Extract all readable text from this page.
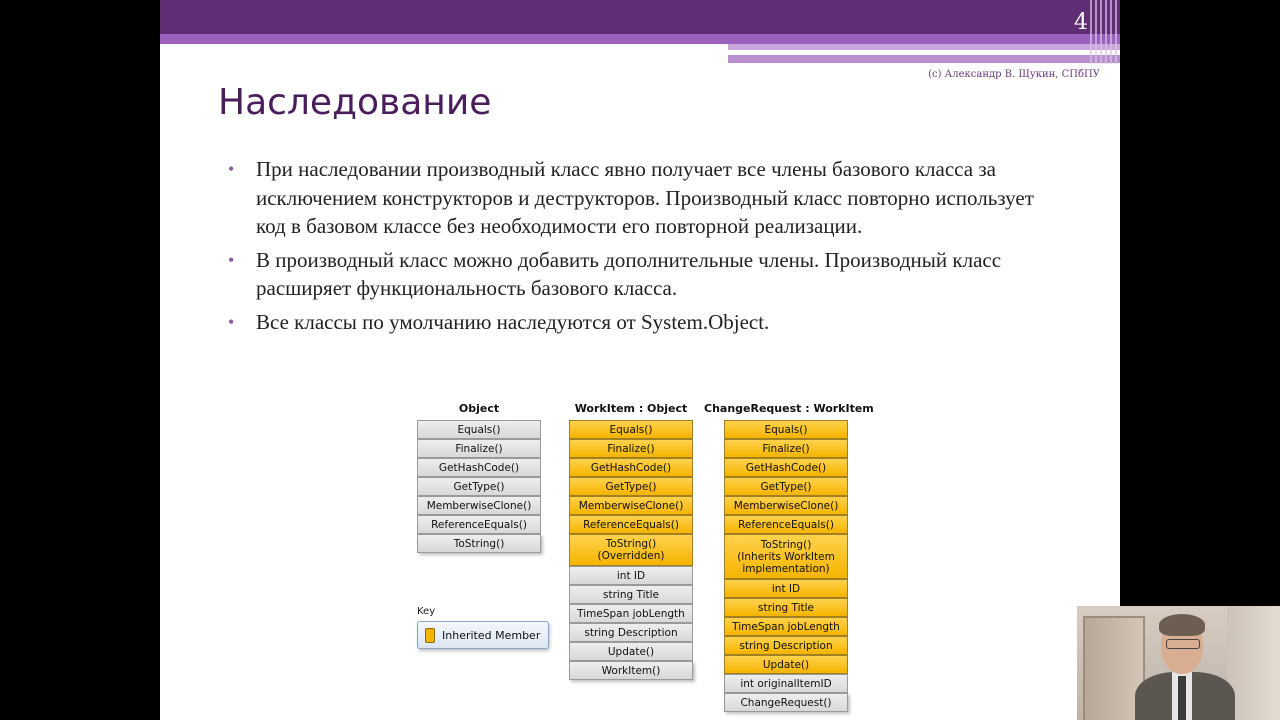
4
(c) Александр В. Щукин, СПбПУ
Наследование
• При наследовании производный класс явно получает все члены базового класса за исключением конструкторов и деструкторов. Производный класс повторно использует код в базовом классе без необходимости его повторной реализации.
• В производный класс можно добавить дополнительные члены. Производный класс расширяет функциональность базового класса.
• Все классы по умолчанию наследуются от System.Object.
Object
Equals()
Finalize()
GetHashCode()
GetType()
MemberwiseClone()
ReferenceEquals()
ToString()
WorkItem : Object
Equals()
Finalize()
GetHashCode()
GetType()
MemberwiseClone()
ReferenceEquals()
ToString()
(Overridden)
int ID
string Title
TimeSpan jobLength
string Description
Update()
WorkItem()
ChangeRequest : WorkItem
Equals()
Finalize()
GetHashCode()
GetType()
MemberwiseClone()
ReferenceEquals()
ToString()
(Inherits WorkItem
implementation)
int ID
string Title
TimeSpan jobLength
string Description
Update()
int originalItemID
ChangeRequest()
Key
Inherited Member
